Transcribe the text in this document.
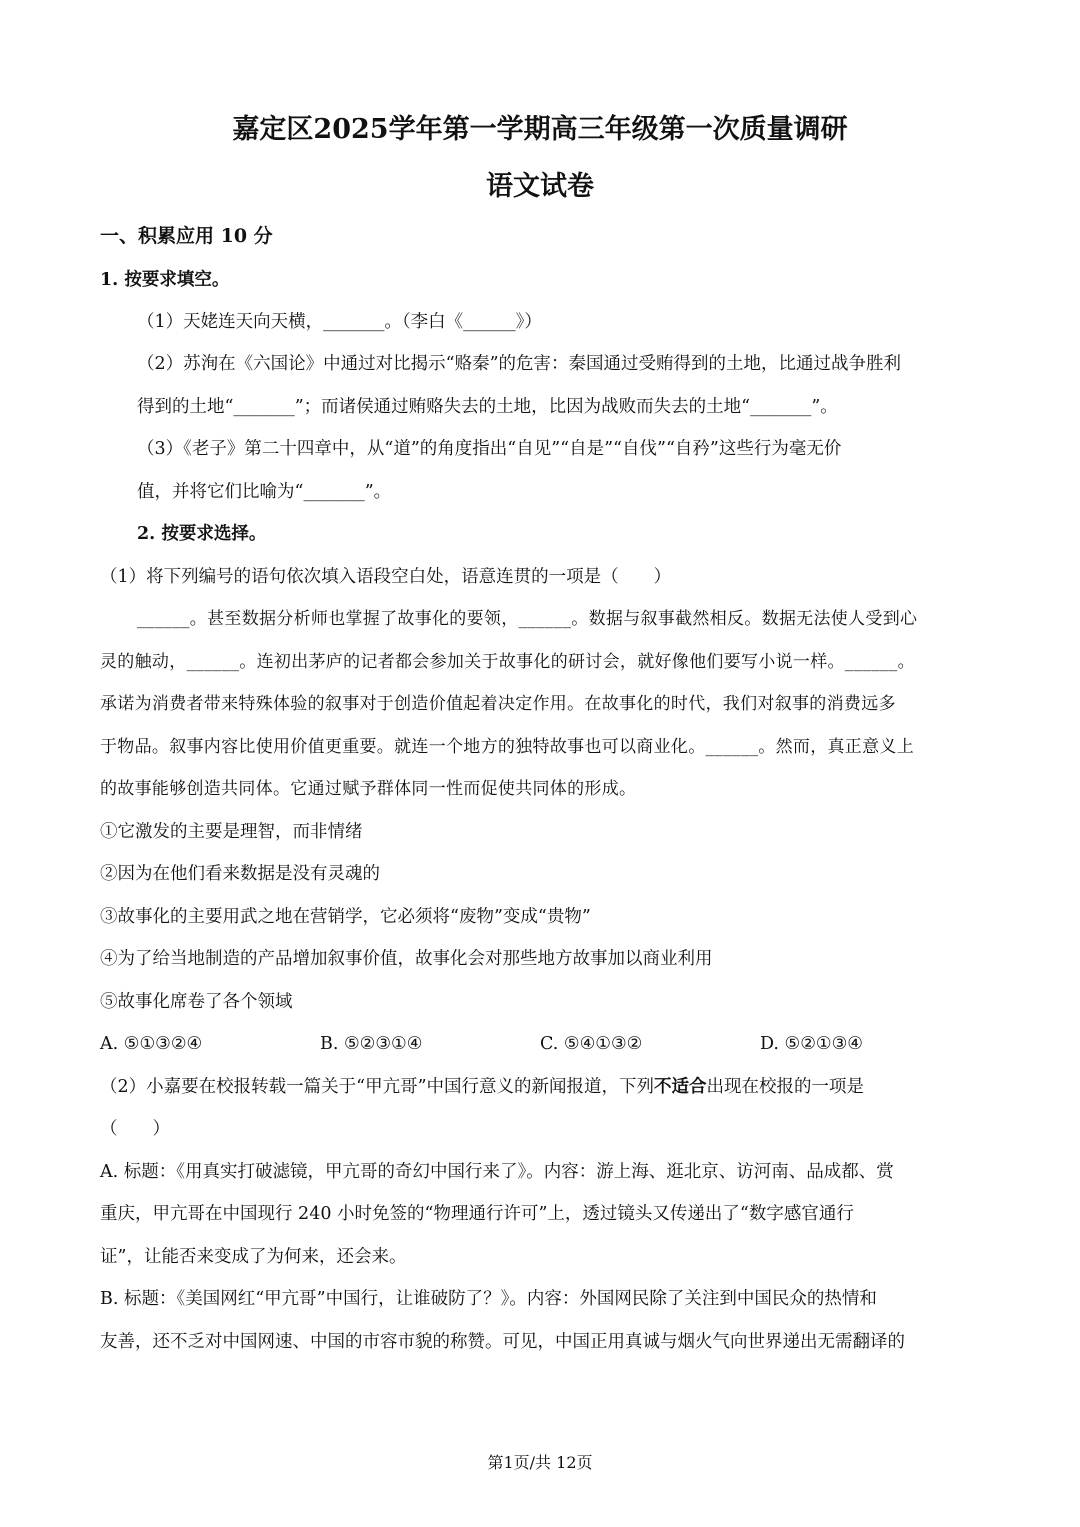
嘉定区2025学年第一学期高三年级第一次质量调研
语文试卷
一、积累应用 10 分
1. 按要求填空。
（1）天姥连天向天横，_______。（李白《______》）
（2）苏洵在《六国论》中通过对比揭示“赂秦”的危害：秦国通过受贿得到的土地，比通过战争胜利
得到的土地“_______”；而诸侯通过贿赂失去的土地，比因为战败而失去的土地“_______”。
（3）《老子》第二十四章中，从“道”的角度指出“自见”“自是”“自伐”“自矜”这些行为毫无价
值，并将它们比喻为“_______”。
2. 按要求选择。
（1）将下列编号的语句依次填入语段空白处，语意连贯的一项是（　　）
______。甚至数据分析师也掌握了故事化的要领，______。数据与叙事截然相反。数据无法使人受到心
灵的触动，______。连初出茅庐的记者都会参加关于故事化的研讨会，就好像他们要写小说一样。______。
承诺为消费者带来特殊体验的叙事对于创造价值起着决定作用。在故事化的时代，我们对叙事的消费远多
于物品。叙事内容比使用价值更重要。就连一个地方的独特故事也可以商业化。______。然而，真正意义上
的故事能够创造共同体。它通过赋予群体同一性而促使共同体的形成。
①它激发的主要是理智，而非情绪
②因为在他们看来数据是没有灵魂的
③故事化的主要用武之地在营销学，它必须将“废物”变成“贵物”
④为了给当地制造的产品增加叙事价值，故事化会对那些地方故事加以商业利用
⑤故事化席卷了各个领域
A. ⑤①③②④	B. ⑤②③①④	C. ⑤④①③②	D. ⑤②①③④
（2）小嘉要在校报转载一篇关于“甲亢哥”中国行意义的新闻报道，下列不适合出现在校报的一项是
（　　）
A. 标题：《用真实打破滤镜，甲亢哥的奇幻中国行来了》。内容：游上海、逛北京、访河南、品成都、赏
重庆，甲亢哥在中国现行 240 小时免签的“物理通行许可”上，透过镜头又传递出了“数字感官通行
证”，让能否来变成了为何来，还会来。
B. 标题：《美国网红“甲亢哥”中国行，让谁破防了？》。内容：外国网民除了关注到中国民众的热情和
友善，还不乏对中国网速、中国的市容市貌的称赞。可见，中国正用真诚与烟火气向世界递出无需翻译的
第1页/共 12页
